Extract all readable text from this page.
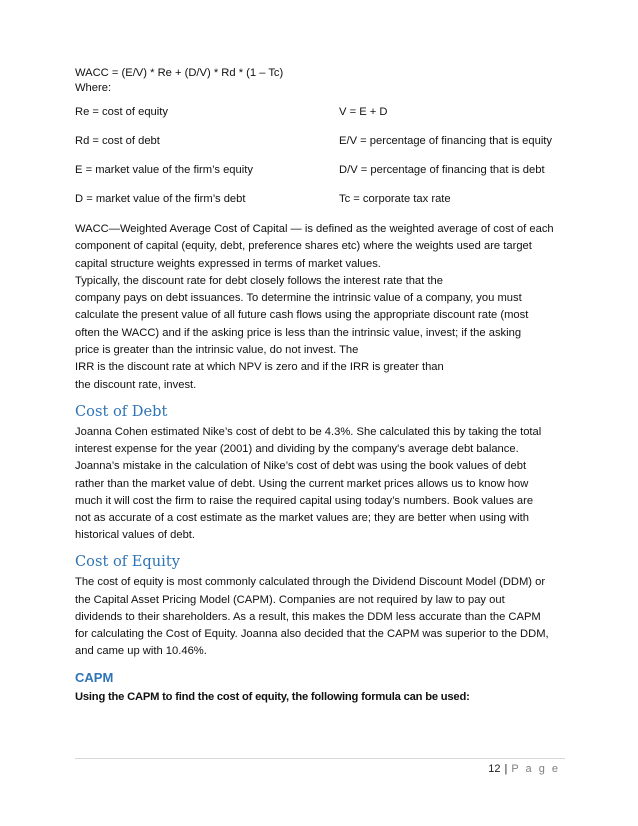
WACC = (E/V) * Re + (D/V) * Rd * (1 – Tc)

Where:

Re = cost of equity	V = E + D
Rd = cost of debt	E/V = percentage of financing that is equity
E = market value of the firm’s equity	D/V = percentage of financing that is debt
D = market value of the firm’s debt	Tc = corporate tax rate

WACC—Weighted Average Cost of Capital — is defined as the weighted average of cost of each

component of capital (equity, debt, preference shares etc) where the weights used are target

capital structure weights expressed in terms of market values.

Typically, the discount rate for debt closely follows the interest rate that the

company pays on debt issuances. To determine the intrinsic value of a company, you must

calculate the present value of all future cash flows using the appropriate discount rate (most

often the WACC) and if the asking price is less than the intrinsic value, invest; if the asking

price is greater than the intrinsic value, do not invest. The

IRR is the discount rate at which NPV is zero and if the IRR is greater than

the discount rate, invest.

Cost of Debt

Joanna Cohen estimated Nike’s cost of debt to be 4.3%. She calculated this by taking the total

interest expense for the year (2001) and dividing by the company's average debt balance.

Joanna’s mistake in the calculation of Nike’s cost of debt was using the book values of debt

rather than the market value of debt. Using the current market prices allows us to know how

much it will cost the firm to raise the required capital using today’s numbers. Book values are

not as accurate of a cost estimate as the market values are; they are better when using with

historical values of debt.

Cost of Equity

The cost of equity is most commonly calculated through the Dividend Discount Model (DDM) or

the Capital Asset Pricing Model (CAPM). Companies are not required by law to pay out

dividends to their shareholders. As a result, this makes the DDM less accurate than the CAPM

for calculating the Cost of Equity. Joanna also decided that the CAPM was superior to the DDM,

and came up with 10.46%.

CAPM

Using the CAPM to find the cost of equity, the following formula can be used:

12 | P a g e
